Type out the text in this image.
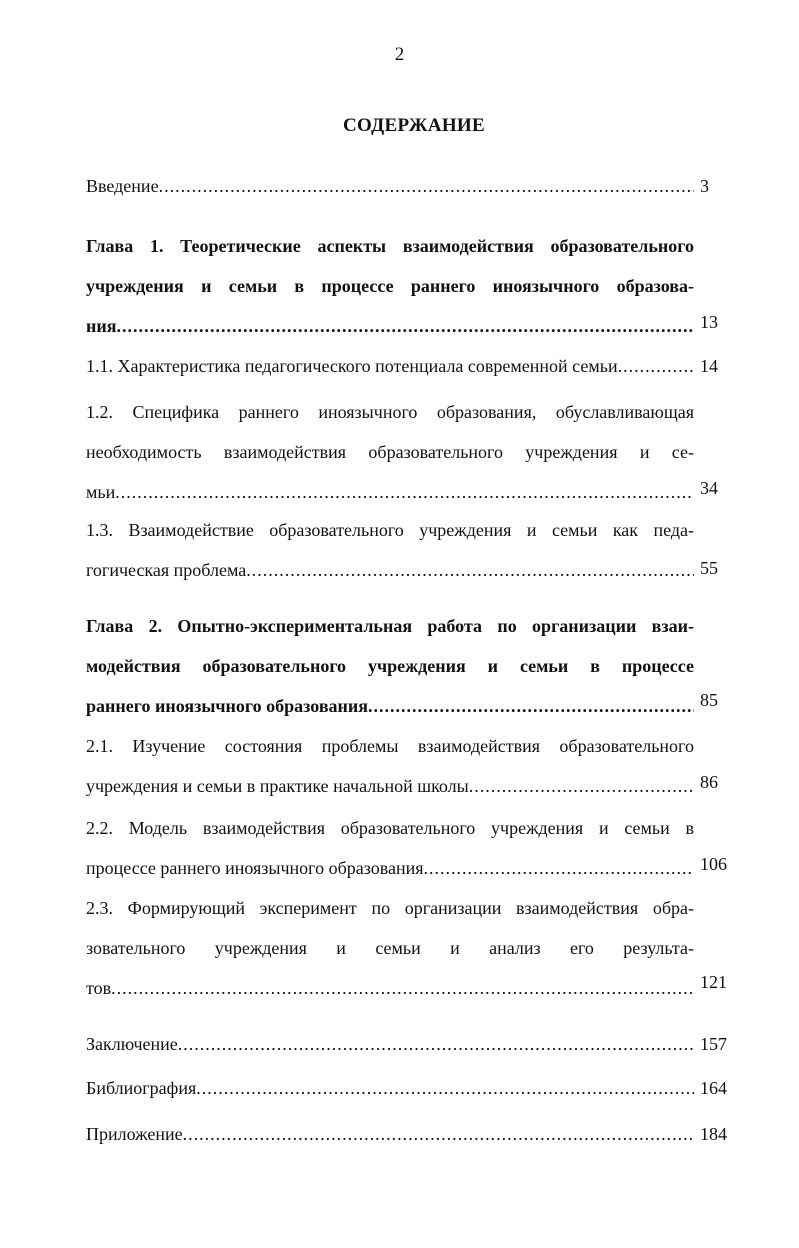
2
СОДЕРЖАНИЕ
Введение .....	3
Глава 1. Теоретические аспекты взаимодействия образовательного
учреждения и семьи в процессе раннего иноязычного образова-
ния .....	13
1.1. Характеристика педагогического потенциала современной семьи .....	14
1.2. Специфика раннего иноязычного образования, обуславливающая
необходимость взаимодействия образовательного учреждения и се-
мьи .....	34
1.3. Взаимодействие образовательного учреждения и семьи как педа-
гогическая проблема .....	55
Глава 2. Опытно-экспериментальная работа по организации взаи-
модействия образовательного учреждения и семьи в процессе
раннего иноязычного образования .....	85
2.1. Изучение состояния проблемы взаимодействия образовательного
учреждения и семьи в практике начальной школы .....	86
2.2. Модель взаимодействия образовательного учреждения и семьи в
процессе раннего иноязычного образования .....	106
2.3. Формирующий эксперимент по организации взаимодействия обра-
зовательного учреждения и семьи и анализ его результа-
тов .....	121
Заключение .....	157
Библиография .....	164
Приложение .....	184
